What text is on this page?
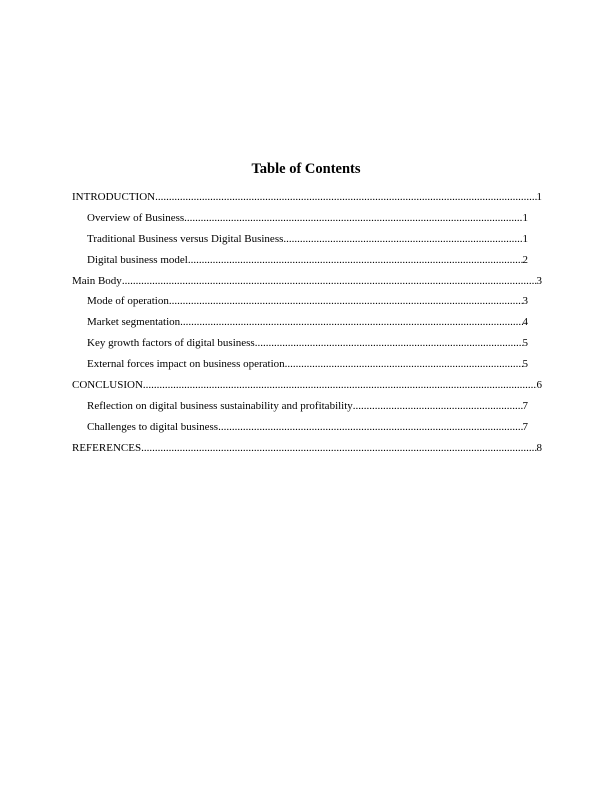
Table of Contents
INTRODUCTION .....	1
Overview of Business .....	1
Traditional Business versus Digital Business .....	1
Digital business model .....	2
Main Body .....	3
Mode of operation .....	3
Market segmentation .....	4
Key growth factors of digital business .....	5
External forces impact on business operation .....	5
CONCLUSION .....	6
Reflection on digital business sustainability and profitability .....	7
Challenges to digital business .....	7
REFERENCES .....	8
